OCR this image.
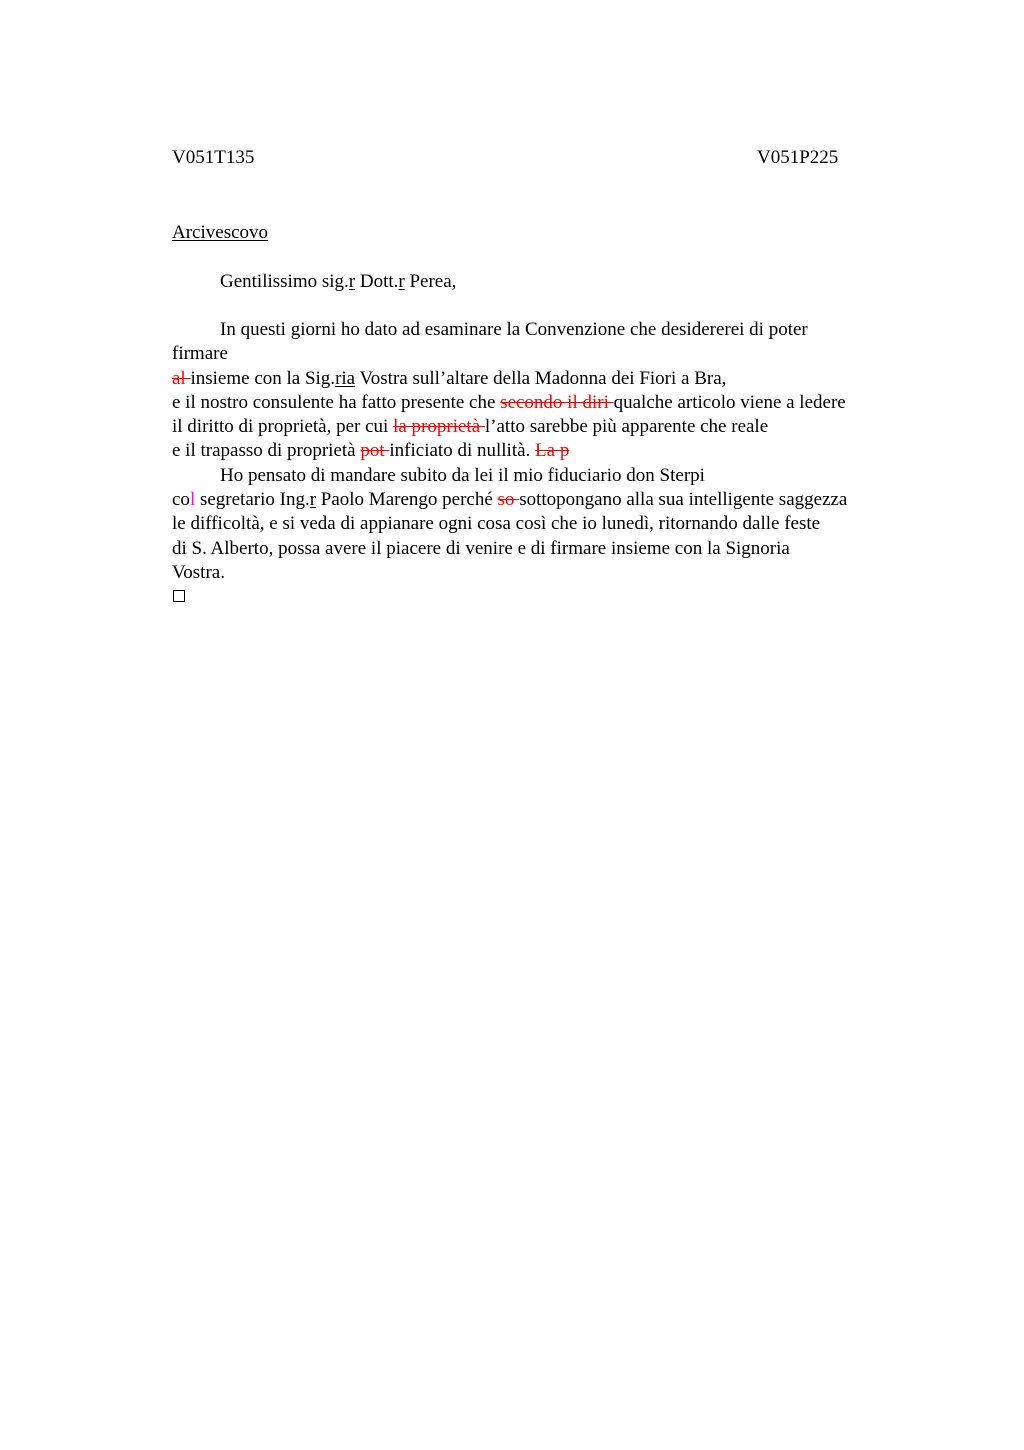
V051T135	V051P225
Arcivescovo
Gentilissimo sig.r Dott.r Perea,
In questi giorni ho dato ad esaminare la Convenzione che desidererei di poter
firmare
al insieme con la Sig.ria Vostra sull’altare della Madonna dei Fiori a Bra,
e il nostro consulente ha fatto presente che secondo il diri qualche articolo viene a ledere
il diritto di proprietà, per cui la proprietà l’atto sarebbe più apparente che reale
e il trapasso di proprietà pot inficiato di nullità. La p
Ho pensato di mandare subito da lei il mio fiduciario don Sterpi
col segretario Ing.r Paolo Marengo perché so sottopongano alla sua intelligente saggezza
le difficoltà, e si veda di appianare ogni cosa così che io lunedì, ritornando dalle feste
di S. Alberto, possa avere il piacere di venire e di firmare insieme con la Signoria
Vostra.
